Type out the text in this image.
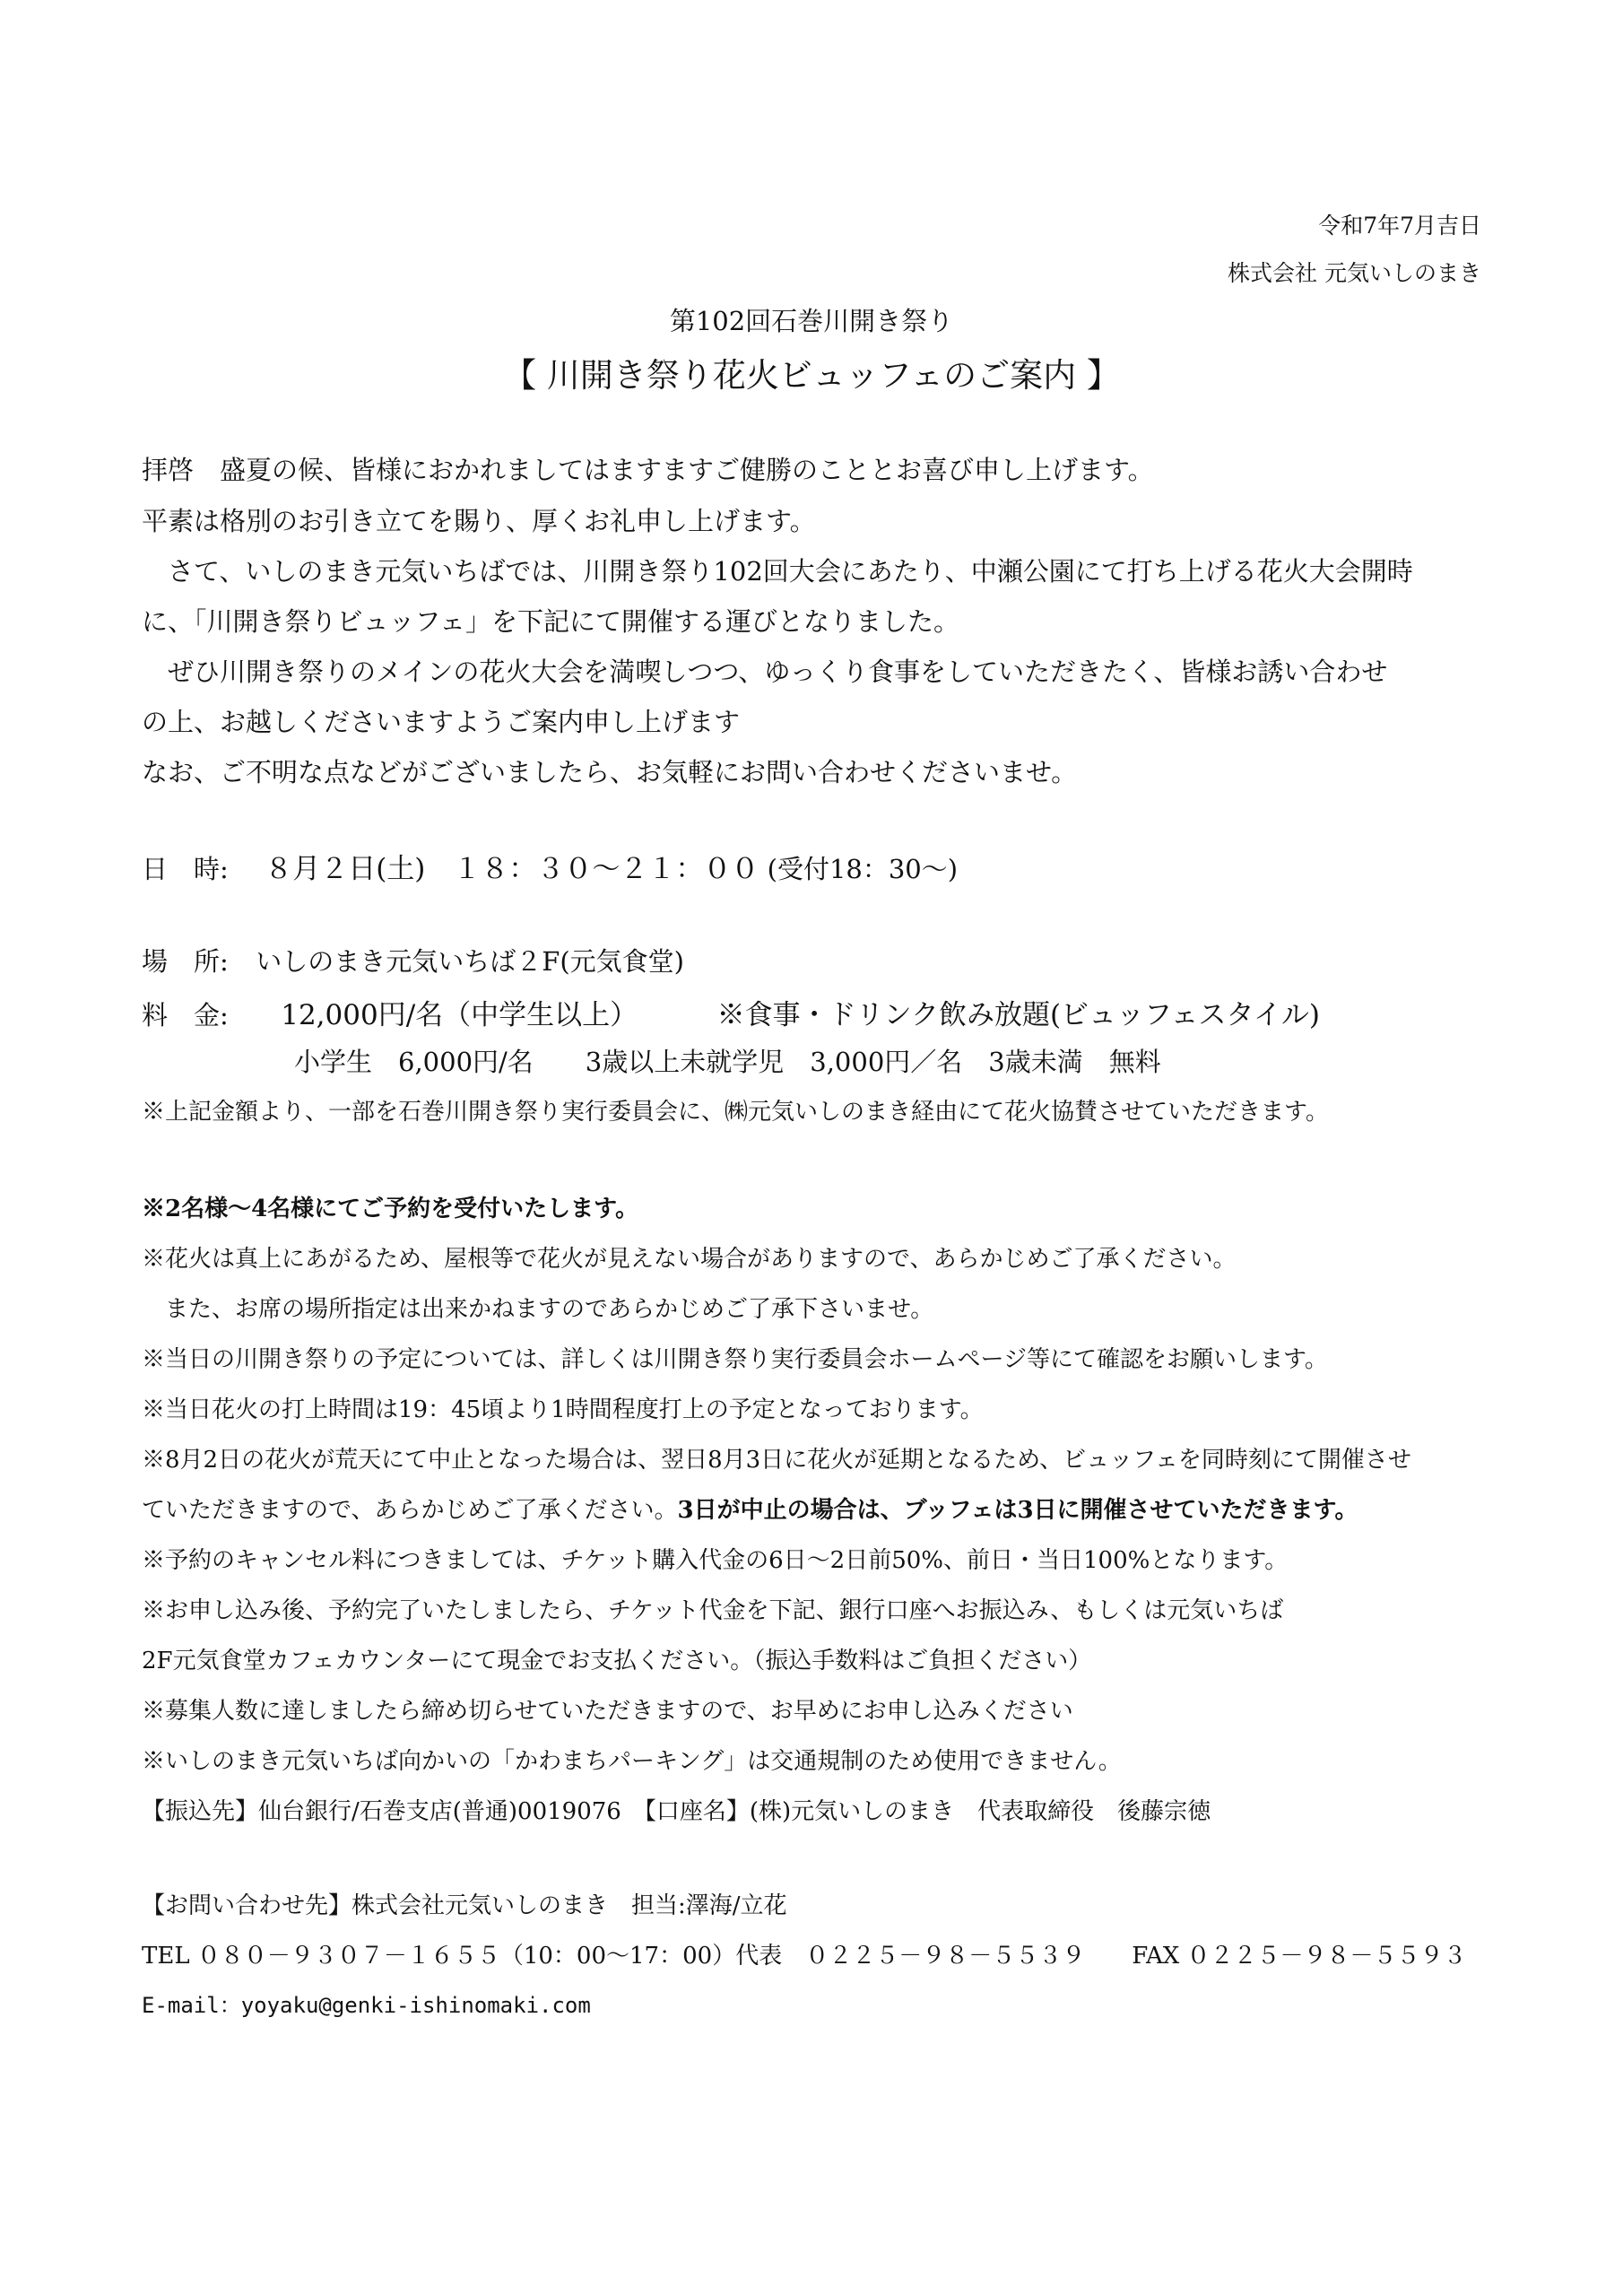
令和7年7月吉日
株式会社 元気いしのまき
第102回石巻川開き祭り
【 川開き祭り花火ビュッフェのご案内 】
拝啓　盛夏の候、皆様におかれましてはますますご健勝のこととお喜び申し上げます。
平素は格別のお引き立てを賜り、厚くお礼申し上げます。
　さて、いしのまき元気いちばでは、川開き祭り102回大会にあたり、中瀬公園にて打ち上げる花火大会開時
に、「川開き祭りビュッフェ」を下記にて開催する運びとなりました。
　ぜひ川開き祭りのメインの花火大会を満喫しつつ、ゆっくり食事をしていただきたく、皆様お誘い合わせ
の上、お越しくださいますようご案内申し上げます
なお、ご不明な点などがございましたら、お気軽にお問い合わせくださいませ。
日　時: ８月２日(土)　１８：３０～２１：００ (受付18：30～)
場　所: いしのまき元気いちば２F(元気食堂)
料　金: 12,000円/名（中学生以上）	※食事・ドリンク飲み放題(ビュッフェスタイル)
小学生　6,000円/名　　3歳以上未就学児　3,000円／名　3歳未満　無料
※上記金額より、一部を石巻川開き祭り実行委員会に、㈱元気いしのまき経由にて花火協賛させていただきます。
※2名様～4名様にてご予約を受付いたします。
※花火は真上にあがるため、屋根等で花火が見えない場合がありますので、あらかじめご了承ください。
　また、お席の場所指定は出来かねますのであらかじめご了承下さいませ。
※当日の川開き祭りの予定については、詳しくは川開き祭り実行委員会ホームページ等にて確認をお願いします。
※当日花火の打上時間は19：45頃より1時間程度打上の予定となっております。
※8月2日の花火が荒天にて中止となった場合は、翌日8月3日に花火が延期となるため、ビュッフェを同時刻にて開催させ
ていただきますので、あらかじめご了承ください。3日が中止の場合は、ブッフェは3日に開催させていただきます。
※予約のキャンセル料につきましては、チケット購入代金の6日～2日前50%、前日・当日100%となります。
※お申し込み後、予約完了いたしましたら、チケット代金を下記、銀行口座へお振込み、もしくは元気いちば
2F元気食堂カフェカウンターにて現金でお支払ください。（振込手数料はご負担ください）
※募集人数に達しましたら締め切らせていただきますので、お早めにお申し込みください
※いしのまき元気いちば向かいの「かわまちパーキング」は交通規制のため使用できません。
【振込先】仙台銀行/石巻支店(普通)0019076　【口座名】(株)元気いしのまき　代表取締役　後藤宗徳
【お問い合わせ先】株式会社元気いしのまき　担当:澤海/立花
TEL ０８０－９３０７－１６５５（10：00～17：00）代表　０２２５－９８－５５３９　　FAX ０２２５－９８－５５９３
E-mail：yoyaku@genki-ishinomaki.com
